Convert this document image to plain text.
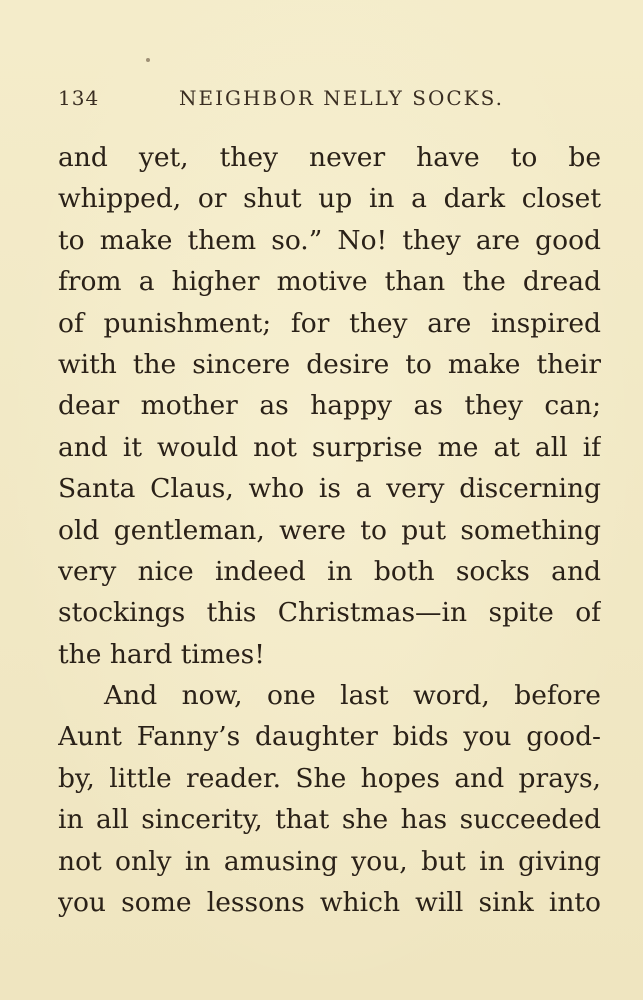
134	NEIGHBOR NELLY SOCKS.
and yet, they never have to be
whipped, or shut up in a dark closet
to make them so.” No! they are good
from a higher motive than the dread
of punishment; for they are inspired
with the sincere desire to make their
dear mother as happy as they can;
and it would not surprise me at all if
Santa Claus, who is a very discerning
old gentleman, were to put something
very nice indeed in both socks and
stockings this Christmas—in spite of
the hard times!
And now, one last word, before
Aunt Fanny’s daughter bids you good-
by, little reader. She hopes and prays,
in all sincerity, that she has succeeded
not only in amusing you, but in giving
you some lessons which will sink into
